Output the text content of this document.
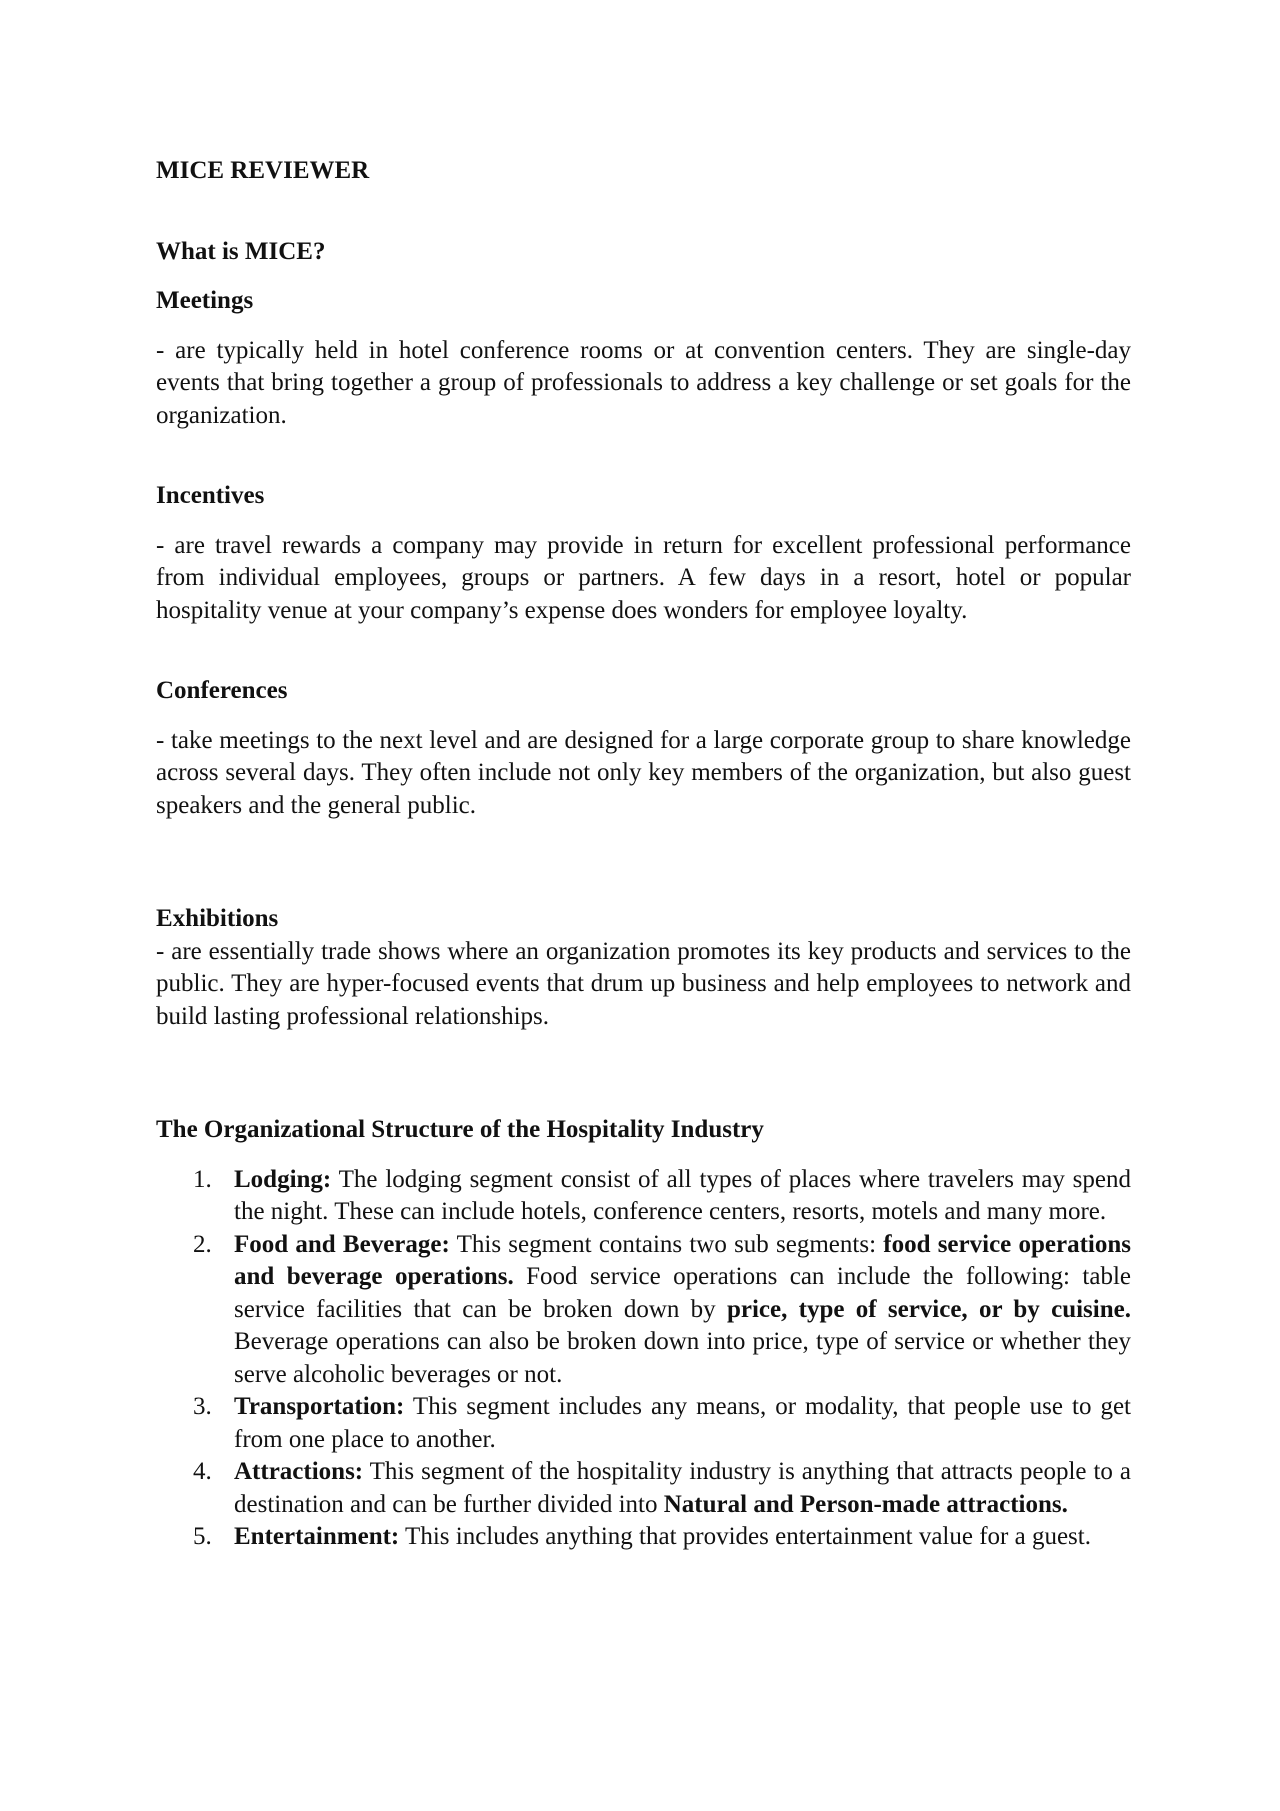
MICE REVIEWER

What is MICE?

Meetings

- are typically held in hotel conference rooms or at convention centers. They are single-day events that bring together a group of professionals to address a key challenge or set goals for the organization.

Incentives

- are travel rewards a company may provide in return for excellent professional performance from individual employees, groups or partners. A few days in a resort, hotel or popular hospitality venue at your company’s expense does wonders for employee loyalty.

Conferences

- take meetings to the next level and are designed for a large corporate group to share knowledge across several days. They often include not only key members of the organization, but also guest speakers and the general public.

Exhibitions

- are essentially trade shows where an organization promotes its key products and services to the public. They are hyper-focused events that drum up business and help employees to network and build lasting professional relationships.

The Organizational Structure of the Hospitality Industry

1. Lodging: The lodging segment consist of all types of places where travelers may spend the night. These can include hotels, conference centers, resorts, motels and many more.
2. Food and Beverage: This segment contains two sub segments: food service operations and beverage operations. Food service operations can include the following: table service facilities that can be broken down by price, type of service, or by cuisine. Beverage operations can also be broken down into price, type of service or whether they serve alcoholic beverages or not.
3. Transportation: This segment includes any means, or modality, that people use to get from one place to another.
4. Attractions: This segment of the hospitality industry is anything that attracts people to a destination and can be further divided into Natural and Person-made attractions.
5. Entertainment: This includes anything that provides entertainment value for a guest.
